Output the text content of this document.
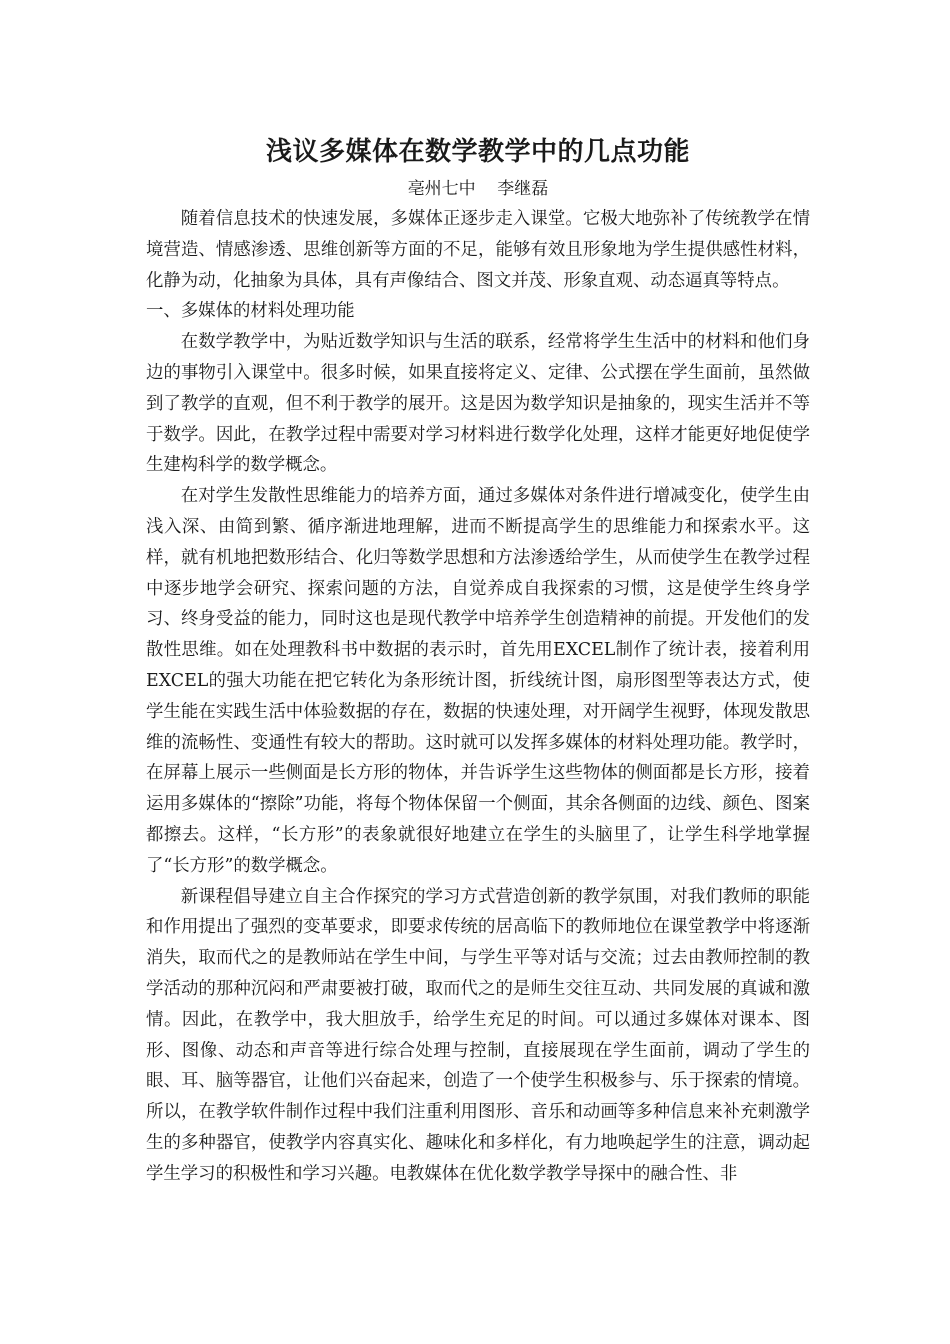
浅议多媒体在数学教学中的几点功能

亳州七中    李继磊

随着信息技术的快速发展，多媒体正逐步走入课堂。它极大地弥补了传统教学在情境营造、情感渗透、思维创新等方面的不足，能够有效且形象地为学生提供感性材料，化静为动，化抽象为具体，具有声像结合、图文并茂、形象直观、动态逼真等特点。

一、多媒体的材料处理功能

在数学教学中，为贴近数学知识与生活的联系，经常将学生生活中的材料和他们身边的事物引入课堂中。很多时候，如果直接将定义、定律、公式摆在学生面前，虽然做到了教学的直观，但不利于教学的展开。这是因为数学知识是抽象的，现实生活并不等于数学。因此，在教学过程中需要对学习材料进行数学化处理，这样才能更好地促使学生建构科学的数学概念。

在对学生发散性思维能力的培养方面，通过多媒体对条件进行增减变化，使学生由浅入深、由简到繁、循序渐进地理解，进而不断提高学生的思维能力和探索水平。这样，就有机地把数形结合、化归等数学思想和方法渗透给学生，从而使学生在教学过程中逐步地学会研究、探索问题的方法，自觉养成自我探索的习惯，这是使学生终身学习、终身受益的能力，同时这也是现代教学中培养学生创造精神的前提。开发他们的发散性思维。如在处理教科书中数据的表示时，首先用EXCEL制作了统计表，接着利用EXCEL的强大功能在把它转化为条形统计图，折线统计图，扇形图型等表达方式，使学生能在实践生活中体验数据的存在，数据的快速处理，对开阔学生视野，体现发散思维的流畅性、变通性有较大的帮助。这时就可以发挥多媒体的材料处理功能。教学时，在屏幕上展示一些侧面是长方形的物体，并告诉学生这些物体的侧面都是长方形，接着运用多媒体的“擦除”功能，将每个物体保留一个侧面，其余各侧面的边线、颜色、图案都擦去。这样，“长方形”的表象就很好地建立在学生的头脑里了，让学生科学地掌握了“长方形”的数学概念。

新课程倡导建立自主合作探究的学习方式营造创新的教学氛围，对我们教师的职能和作用提出了强烈的变革要求，即要求传统的居高临下的教师地位在课堂教学中将逐渐消失，取而代之的是教师站在学生中间，与学生平等对话与交流；过去由教师控制的教学活动的那种沉闷和严肃要被打破，取而代之的是师生交往互动、共同发展的真诚和激情。因此，在教学中，我大胆放手，给学生充足的时间。可以通过多媒体对课本、图形、图像、动态和声音等进行综合处理与控制，直接展现在学生面前，调动了学生的眼、耳、脑等器官，让他们兴奋起来，创造了一个使学生积极参与、乐于探索的情境。所以，在教学软件制作过程中我们注重利用图形、音乐和动画等多种信息来补充刺激学生的多种器官，使教学内容真实化、趣味化和多样化，有力地唤起学生的注意，调动起学生学习的积极性和学习兴趣。电教媒体在优化数学教学导探中的融合性、非
